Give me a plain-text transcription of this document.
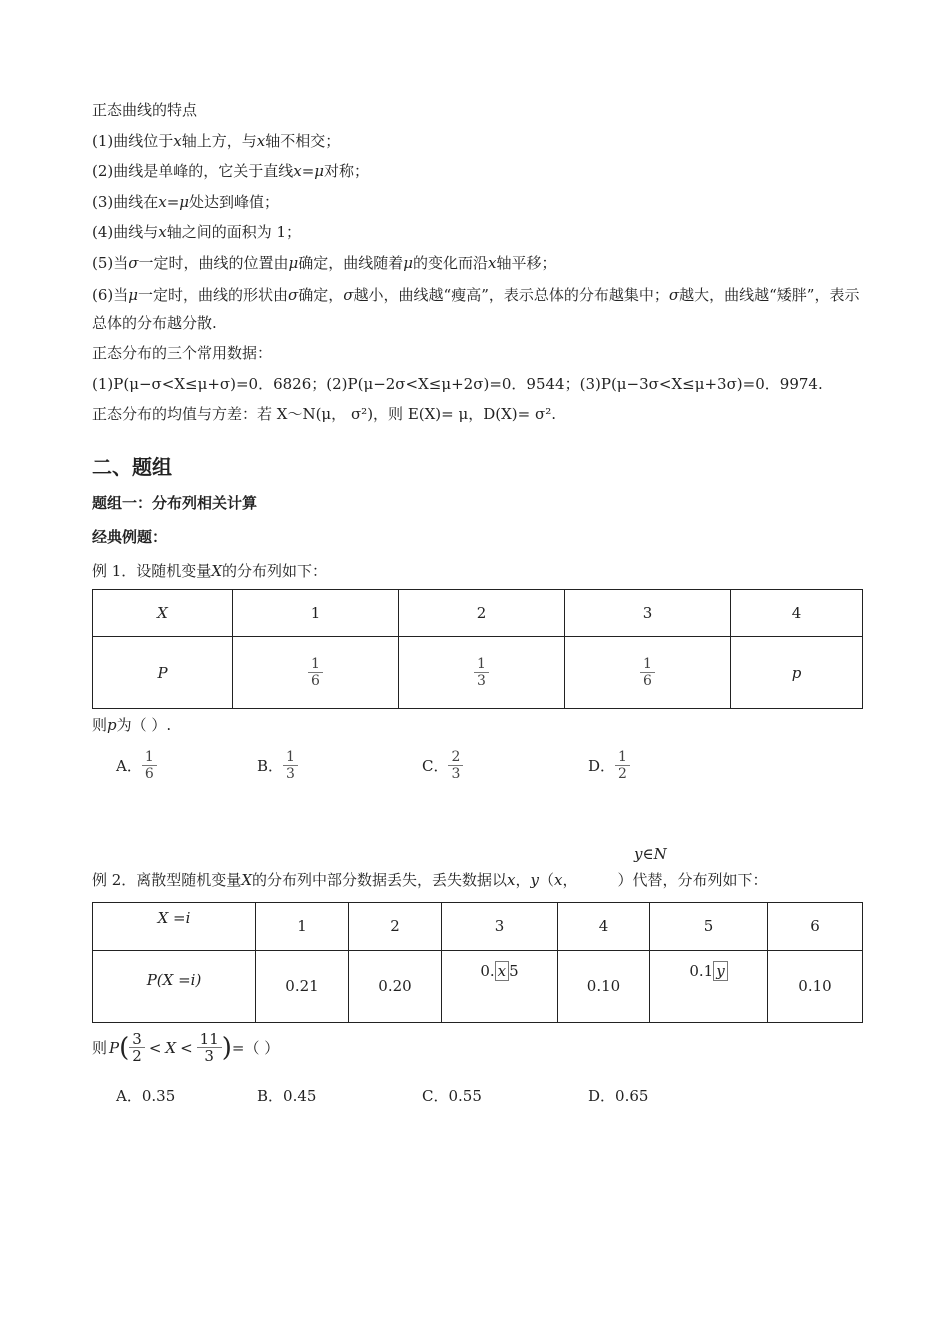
正态曲线的特点
(1)曲线位于x轴上方，与x轴不相交；
(2)曲线是单峰的，它关于直线x=μ对称；
(3)曲线在x=μ处达到峰值；
(4)曲线与x轴之间的面积为 1；
(5)当σ一定时，曲线的位置由μ确定，曲线随着μ的变化而沿x轴平移；
(6)当μ一定时，曲线的形状由σ确定，σ越小，曲线越“瘦高”，表示总体的分布越集中；σ越大，曲线越“矮胖”，表示总体的分布越分散.
正态分布的三个常用数据：
(1)P(μ−σ<X≤μ+σ)=0．6826；(2)P(μ−2σ<X≤μ+2σ)=0．9544；(3)P(μ−3σ<X≤μ+3σ)=0．9974.
正态分布的均值与方差：若 X～N(μ， σ²)，则 E(X)= μ，D(X)= σ².
二、题组
题组一：分布列相关计算
经典例题：
例 1．设随机变量X的分布列如下：
X	1	2	3	4
P	$\frac{1}{6}$	$\frac{1}{3}$	$\frac{1}{6}$	p
则p为（ ）.
A． $\frac{1}{6}$	B． $\frac{1}{3}$	C． $\frac{2}{3}$	D． $\frac{1}{2}$
y∈N
例 2．离散型随机变量X的分布列中部分数据丢失，丢失数据以x，y（x，	）代替，分布列如下：
X =i	1	2	3	4	5	6
P(X =i)	0.21	0.20	0. x 5	0.10	0.1 y	0.10
则 P ( $\frac{3}{2} < X < \frac{11}{3}$ ) =（ ）
A．0.35	B．0.45	C．0.55	D．0.65
